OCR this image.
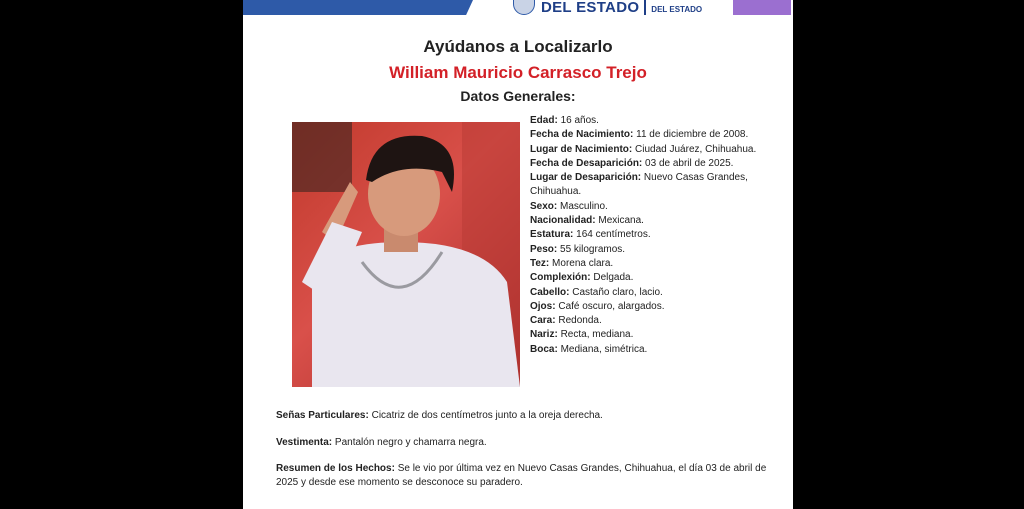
DEL ESTADO DEL ESTADO
Ayúdanos a Localizarlo
William Mauricio Carrasco Trejo
Datos Generales:
Edad: 16 años.
Fecha de Nacimiento: 11 de diciembre de 2008.
Lugar de Nacimiento: Ciudad Juárez, Chihuahua.
Fecha de Desaparición: 03 de abril de 2025.
Lugar de Desaparición: Nuevo Casas Grandes, Chihuahua.
Sexo: Masculino.
Nacionalidad: Mexicana.
Estatura: 164 centímetros.
Peso: 55 kilogramos.
Tez: Morena clara.
Complexión: Delgada.
Cabello: Castaño claro, lacio.
Ojos: Café oscuro, alargados.
Cara: Redonda.
Nariz: Recta, mediana.
Boca: Mediana, simétrica.
Señas Particulares: Cicatriz de dos centímetros junto a la oreja derecha.
Vestimenta: Pantalón negro y chamarra negra.
Resumen de los Hechos: Se le vio por última vez en Nuevo Casas Grandes, Chihuahua, el día 03 de abril de 2025 y desde ese momento se desconoce su paradero.
